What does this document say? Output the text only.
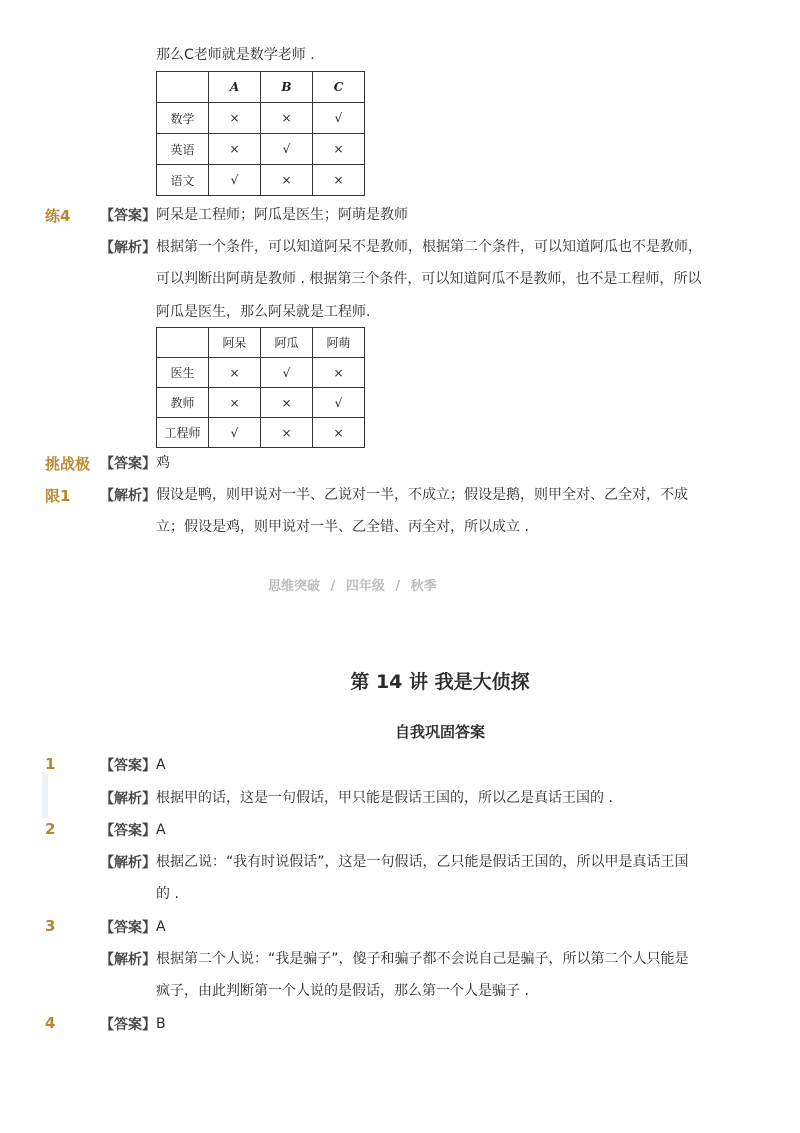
那么C老师就是数学老师 .
	A	B	C
数学	×	×	√
英语	×	√	×
语文	√	×	×
练4 【答案】 阿呆是工程师；阿瓜是医生；阿萌是教师
【解析】 根据第一个条件，可以知道阿呆不是教师，根据第二个条件，可以知道阿瓜也不是教师，
可以判断出阿萌是教师 . 根据第三个条件，可以知道阿瓜不是教师，也不是工程师，所以
阿瓜是医生，那么阿呆就是工程师.
	阿呆	阿瓜	阿萌
医生	×	√	×
教师	×	×	√
工程师	√	×	×
挑战极
限1
【答案】 鸡
【解析】 假设是鸭，则甲说对一半、乙说对一半，不成立；假设是鹅，则甲全对、乙全对，不成
立；假设是鸡，则甲说对一半、乙全错、丙全对，所以成立 .
思维突破 / 四年级 / 秋季
第 14 讲 我是大侦探
自我巩固答案
1	【答案】 A
【解析】 根据甲的话，这是一句假话，甲只能是假话王国的，所以乙是真话王国的 .
2	【答案】 A
【解析】 根据乙说：“我有时说假话”，这是一句假话，乙只能是假话王国的，所以甲是真话王国
的 .
3	【答案】 A
【解析】 根据第二个人说：“我是骗子”，傻子和骗子都不会说自己是骗子，所以第二个人只能是
疯子，由此判断第一个人说的是假话，那么第一个人是骗子 .
4	【答案】 B
